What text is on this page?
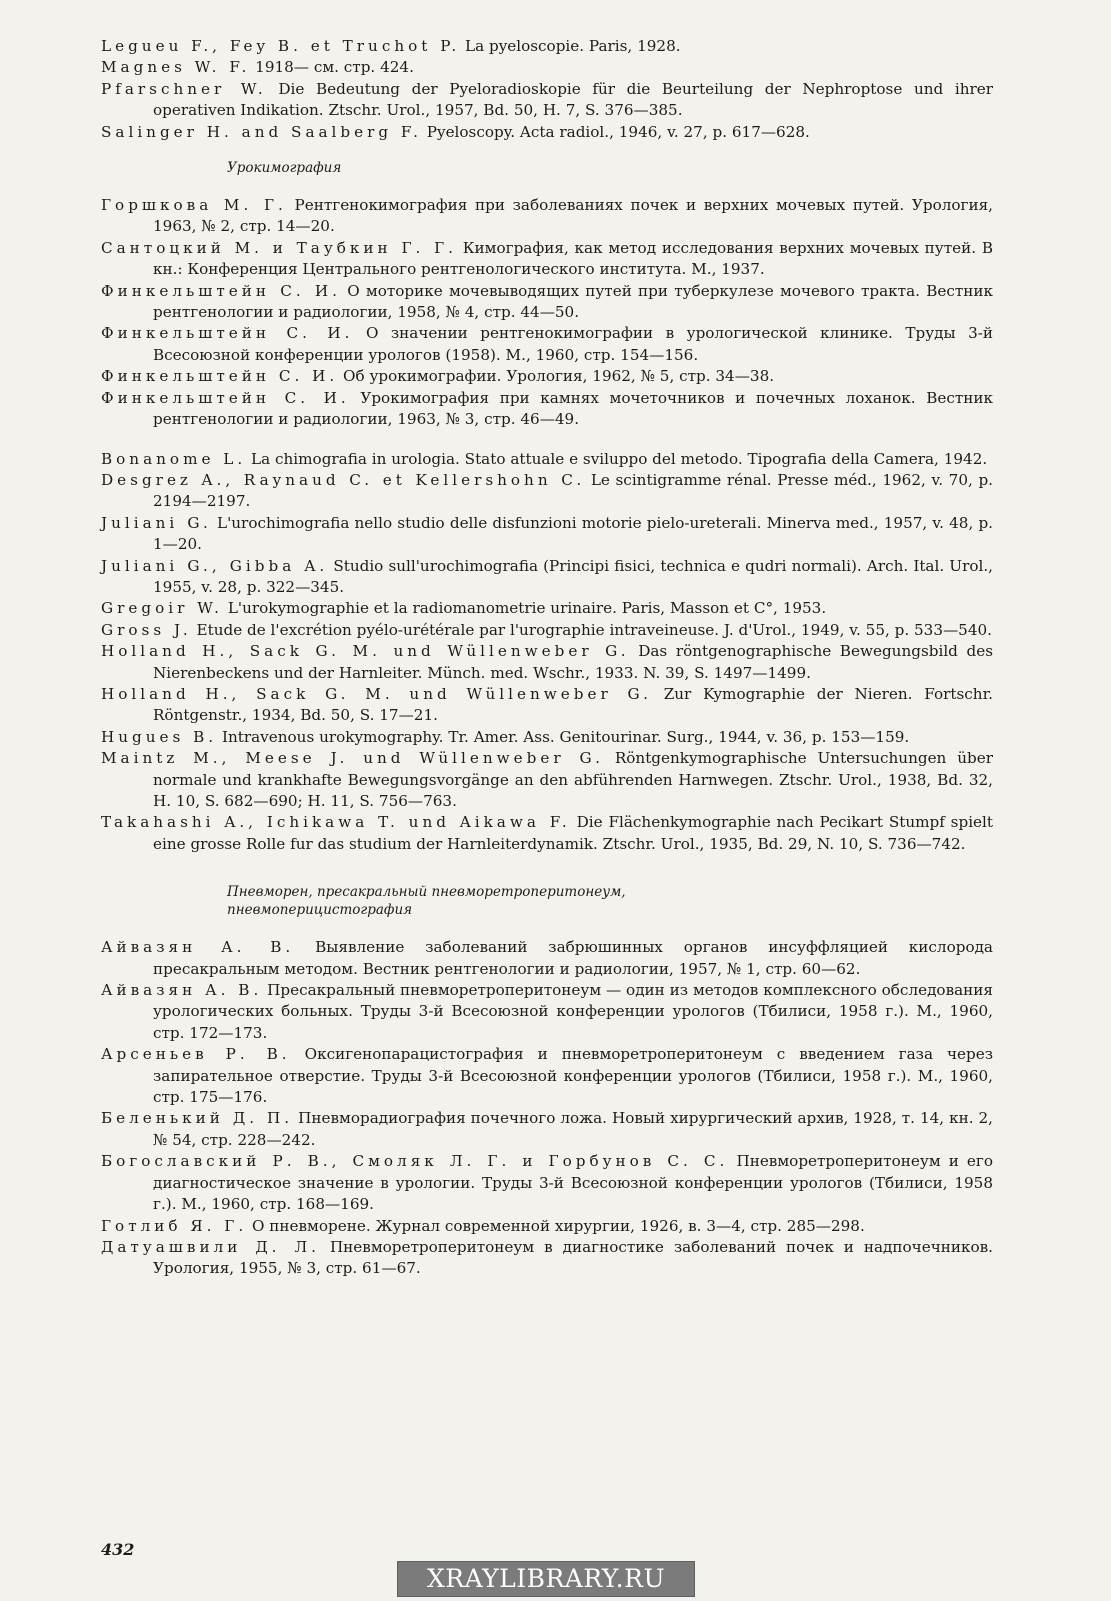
Legueu F., Fey B. et Truchot P. La pyeloscopie. Paris, 1928.

Magnes W. F. 1918— см. стр. 424.

Pfarschner W. Die Bedeutung der Pyeloradioskopie für die Beurteilung der Nephroptose und ihrer operativen Indikation. Ztschr. Urol., 1957, Bd. 50, H. 7, S. 376—385.

Salinger H. and Saalberg F. Pyeloscopy. Acta radiol., 1946, v. 27, p. 617—628.

Урокимография

Горшкова М. Г. Рентгенокимография при заболеваниях почек и верхних мочевых путей. Урология, 1963, № 2, стр. 14—20.

Сантоцкий М. и Таубкин Г. Г. Кимография, как метод исследования верхних мочевых путей. В кн.: Конференция Центрального рентгенологического института. М., 1937.

Финкельштейн С. И. О моторике мочевыводящих путей при туберкулезе мочевого тракта. Вестник рентгенологии и радиологии, 1958, № 4, стр. 44—50.

Финкельштейн С. И. О значении рентгенокимографии в урологической клинике. Труды 3-й Всесоюзной конференции урологов (1958). М., 1960, стр. 154—156.

Финкельштейн С. И. Об урокимографии. Урология, 1962, № 5, стр. 34—38.

Финкельштейн С. И. Урокимография при камнях мочеточников и почечных лоханок. Вестник рентгенологии и радиологии, 1963, № 3, стр. 46—49.

Bonanome L. La chimografia in urologia. Stato attuale e sviluppo del metodo. Tipografia della Camera, 1942.

Desgrez A., Raynaud C. et Kellershohn C. Le scintigramme rénal. Presse méd., 1962, v. 70, p. 2194—2197.

Juliani G. L'urochimografia nello studio delle disfunzioni motorie pielo-ureterali. Minerva med., 1957, v. 48, p. 1—20.

Juliani G., Gibba A. Studio sull'urochimografia (Principi fisici, technica e qudri normali). Arch. Ital. Urol., 1955, v. 28, p. 322—345.

Gregoir W. L'urokymographie et la radiomanometrie urinaire. Paris, Masson et C°, 1953.

Gross J. Etude de l'excrétion pyélo-urétérale par l'urographie intraveineuse. J. d'Urol., 1949, v. 55, p. 533—540.

Holland H., Sack G. M. und Wüllenweber G. Das röntgenographische Bewegungsbild des Nierenbeckens und der Harnleiter. Münch. med. Wschr., 1933. N. 39, S. 1497—1499.

Holland H., Sack G. M. und Wüllenweber G. Zur Kymographie der Nieren. Fortschr. Röntgenstr., 1934, Bd. 50, S. 17—21.

Hugues B. Intravenous urokymography. Tr. Amer. Ass. Genitourinar. Surg., 1944, v. 36, p. 153—159.

Maintz M., Meese J. und Wüllenweber G. Röntgenkymographische Untersuchungen über normale und krankhafte Bewegungsvorgänge an den abführenden Harnwegen. Ztschr. Urol., 1938, Bd. 32, H. 10, S. 682—690; H. 11, S. 756—763.

Takahashi A., Ichikawa T. und Aikawa F. Die Flächenkymographie nach Pecikart Stumpf spielt eine grosse Rolle fur das studium der Harnleiterdynamik. Ztschr. Urol., 1935, Bd. 29, N. 10, S. 736—742.

Пневморен, пресакральный пневморетроперитонеум,
пневмоперицистография

Айвазян А. В. Выявление заболеваний забрюшинных органов инсуффляцией кислорода пресакральным методом. Вестник рентгенологии и радиологии, 1957, № 1, стр. 60—62.

Айвазян А. В. Пресакральный пневморетроперитонеум — один из методов комплексного обследования урологических больных. Труды 3-й Всесоюзной конференции урологов (Тбилиси, 1958 г.). М., 1960, стр. 172—173.

Арсеньев Р. В. Оксигенопарацистография и пневморетроперитонеум с введением газа через запирательное отверстие. Труды 3-й Всесоюзной конференции урологов (Тбилиси, 1958 г.). М., 1960, стр. 175—176.

Беленький Д. П. Пневморадиография почечного ложа. Новый хирургический архив, 1928, т. 14, кн. 2, № 54, стр. 228—242.

Богославский Р. В., Смоляк Л. Г. и Горбунов С. С. Пневморетроперитонеум и его диагностическое значение в урологии. Труды 3-й Всесоюзной конференции урологов (Тбилиси, 1958 г.). М., 1960, стр. 168—169.

Готлиб Я. Г. О пневморене. Журнал современной хирургии, 1926, в. 3—4, стр. 285—298.

Датуашвили Д. Л. Пневморетроперитонеум в диагностике заболеваний почек и надпочечников. Урология, 1955, № 3, стр. 61—67.

432
XRAYLIBRARY.RU
